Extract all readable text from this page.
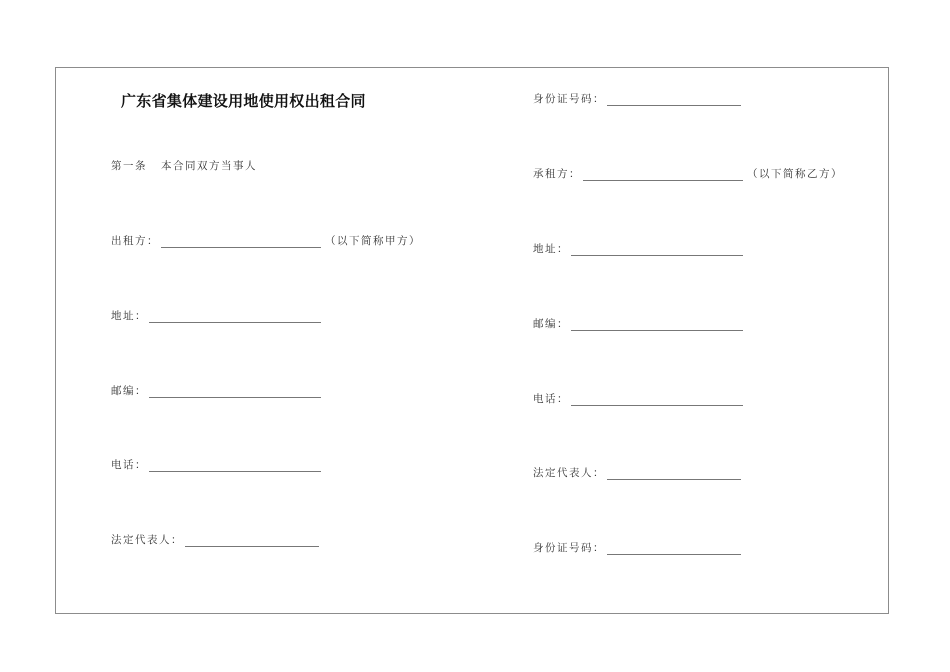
广东省集体建设用地使用权出租合同
第一条 本合同双方当事人
出租方：	（以下简称甲方）
地址：
邮编：
电话：
法定代表人：
身份证号码：
承租方：	（以下简称乙方）
地址：
邮编：
电话：
法定代表人：
身份证号码：
